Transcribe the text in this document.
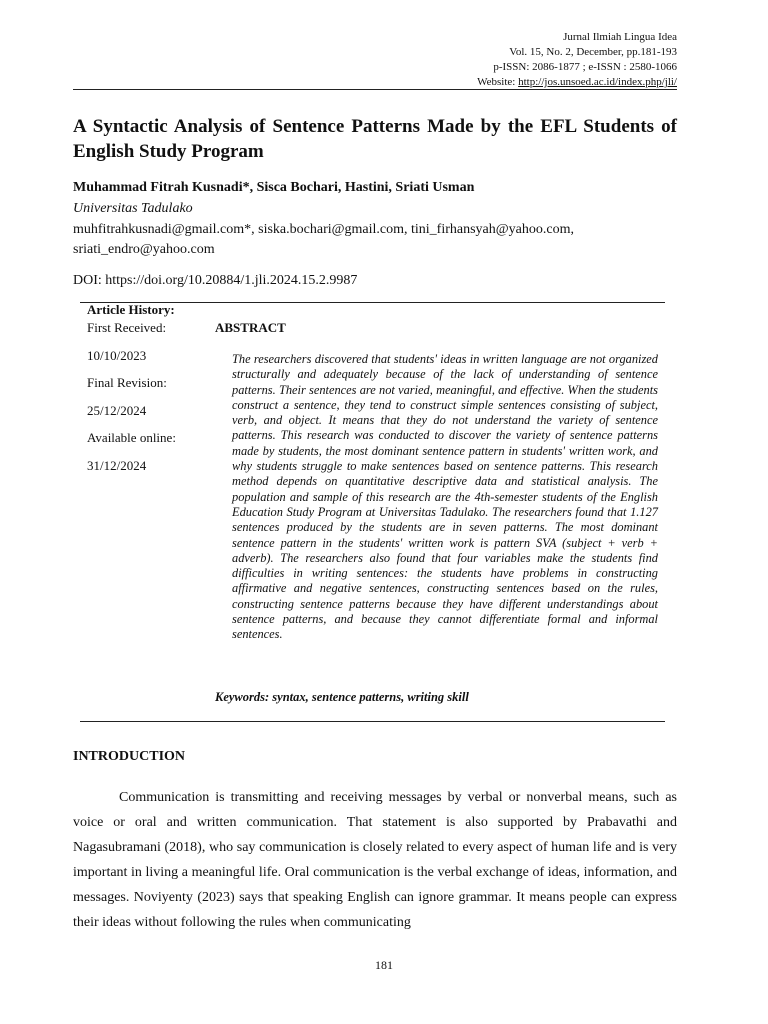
Jurnal Ilmiah Lingua Idea
Vol. 15, No. 2, December, pp.181-193
p-ISSN: 2086-1877 ; e-ISSN : 2580-1066
Website: http://jos.unsoed.ac.id/index.php/jli/
A Syntactic Analysis of Sentence Patterns Made by the EFL Students of English Study Program
Muhammad Fitrah Kusnadi*, Sisca Bochari, Hastini, Sriati Usman
Universitas Tadulako
muhfitrahkusnadi@gmail.com*, siska.bochari@gmail.com, tini_firhansyah@yahoo.com, sriati_endro@yahoo.com
DOI: https://doi.org/10.20884/1.jli.2024.15.2.9987
Article History:
First Received:
10/10/2023
Final Revision:
25/12/2024
Available online:
31/12/2024
ABSTRACT
The researchers discovered that students' ideas in written language are not organized structurally and adequately because of the lack of understanding of sentence patterns. Their sentences are not varied, meaningful, and effective. When the students construct a sentence, they tend to construct simple sentences consisting of subject, verb, and object. It means that they do not understand the variety of sentence patterns. This research was conducted to discover the variety of sentence patterns made by students, the most dominant sentence pattern in students' written work, and why students struggle to make sentences based on sentence patterns. This research method depends on quantitative descriptive data and statistical analysis. The population and sample of this research are the 4th-semester students of the English Education Study Program at Universitas Tadulako. The researchers found that 1.127 sentences produced by the students are in seven patterns. The most dominant sentence pattern in the students' written work is pattern SVA (subject + verb + adverb). The researchers also found that four variables make the students find difficulties in writing sentences: the students have problems in constructing affirmative and negative sentences, constructing sentences based on the rules, constructing sentence patterns because they have different understandings about sentence patterns, and because they cannot differentiate formal and informal sentences.
Keywords: syntax, sentence patterns, writing skill
INTRODUCTION
Communication is transmitting and receiving messages by verbal or nonverbal means, such as voice or oral and written communication. That statement is also supported by Prabavathi and Nagasubramani (2018), who say communication is closely related to every aspect of human life and is very important in living a meaningful life. Oral communication is the verbal exchange of ideas, information, and messages. Noviyenty (2023) says that speaking English can ignore grammar. It means people can express their ideas without following the rules when communicating
181
